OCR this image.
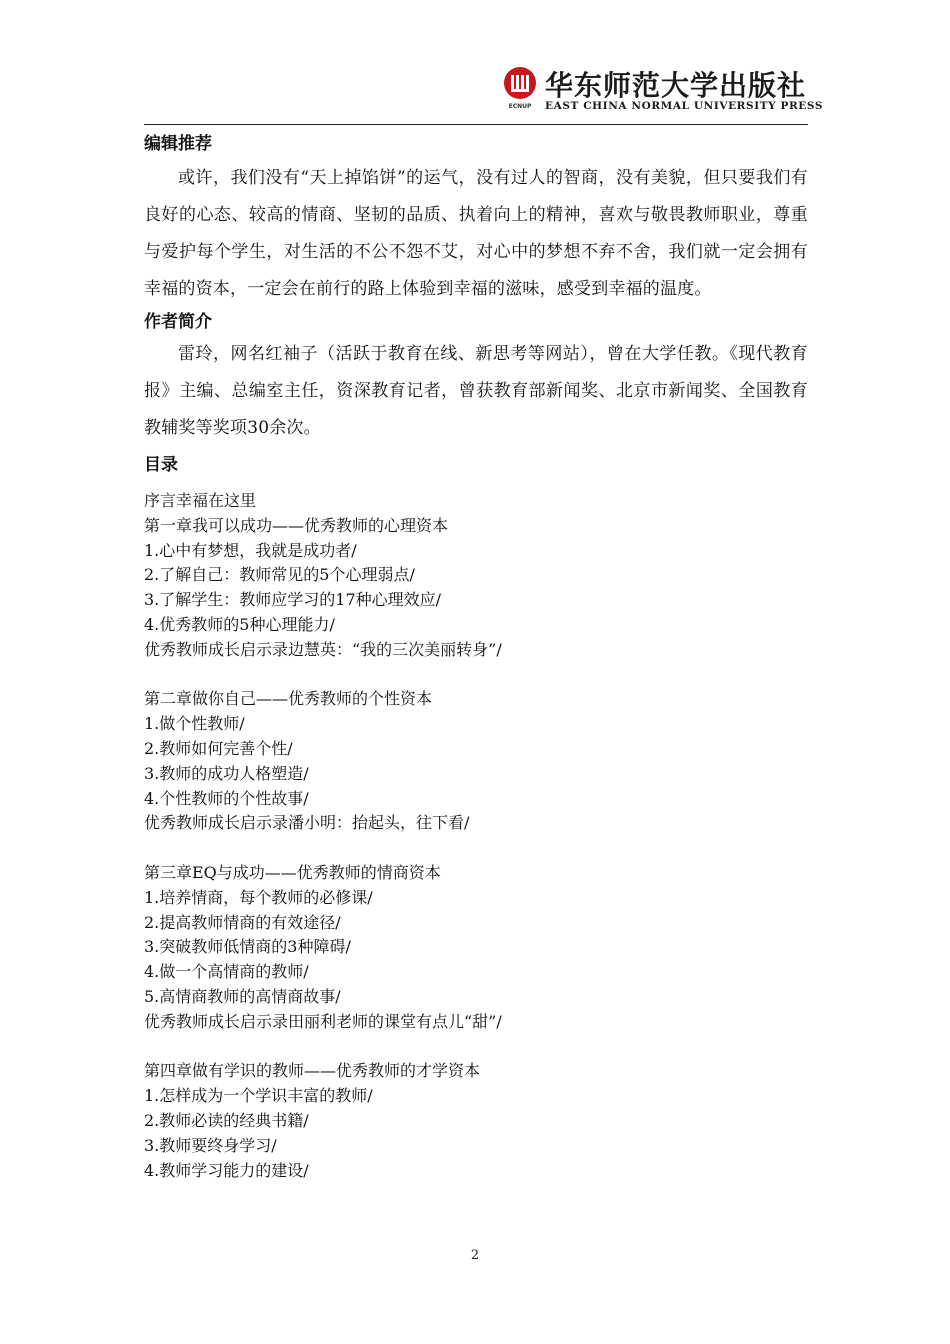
ECNUP
华东师范大学出版社
EAST CHINA NORMAL UNIVERSITY PRESS
编辑推荐

或许，我们没有“天上掉馅饼”的运气，没有过人的智商，没有美貌，但只要我们有良好的心态、较高的情商、坚韧的品质、执着向上的精神，喜欢与敬畏教师职业，尊重与爱护每个学生，对生活的不公不怨不艾，对心中的梦想不弃不舍，我们就一定会拥有幸福的资本，一定会在前行的路上体验到幸福的滋味，感受到幸福的温度。

作者简介

雷玲，网名红袖子（活跃于教育在线、新思考等网站），曾在大学任教。《现代教育报》主编、总编室主任，资深教育记者，曾获教育部新闻奖、北京市新闻奖、全国教育教辅奖等奖项30余次。

目录
序言幸福在这里
第一章我可以成功——优秀教师的心理资本
1.心中有梦想，我就是成功者/
2.了解自己：教师常见的5个心理弱点/
3.了解学生：教师应学习的17种心理效应/
4.优秀教师的5种心理能力/
优秀教师成长启示录边慧英：“我的三次美丽转身”/
第二章做你自己——优秀教师的个性资本
1.做个性教师/
2.教师如何完善个性/
3.教师的成功人格塑造/
4.个性教师的个性故事/
优秀教师成长启示录潘小明：抬起头，往下看/
第三章EQ与成功——优秀教师的情商资本
1.培养情商，每个教师的必修课/
2.提高教师情商的有效途径/
3.突破教师低情商的3种障碍/
4.做一个高情商的教师/
5.高情商教师的高情商故事/
优秀教师成长启示录田丽利老师的课堂有点儿“甜”/
第四章做有学识的教师——优秀教师的才学资本
1.怎样成为一个学识丰富的教师/
2.教师必读的经典书籍/
3.教师要终身学习/
4.教师学习能力的建设/
2
